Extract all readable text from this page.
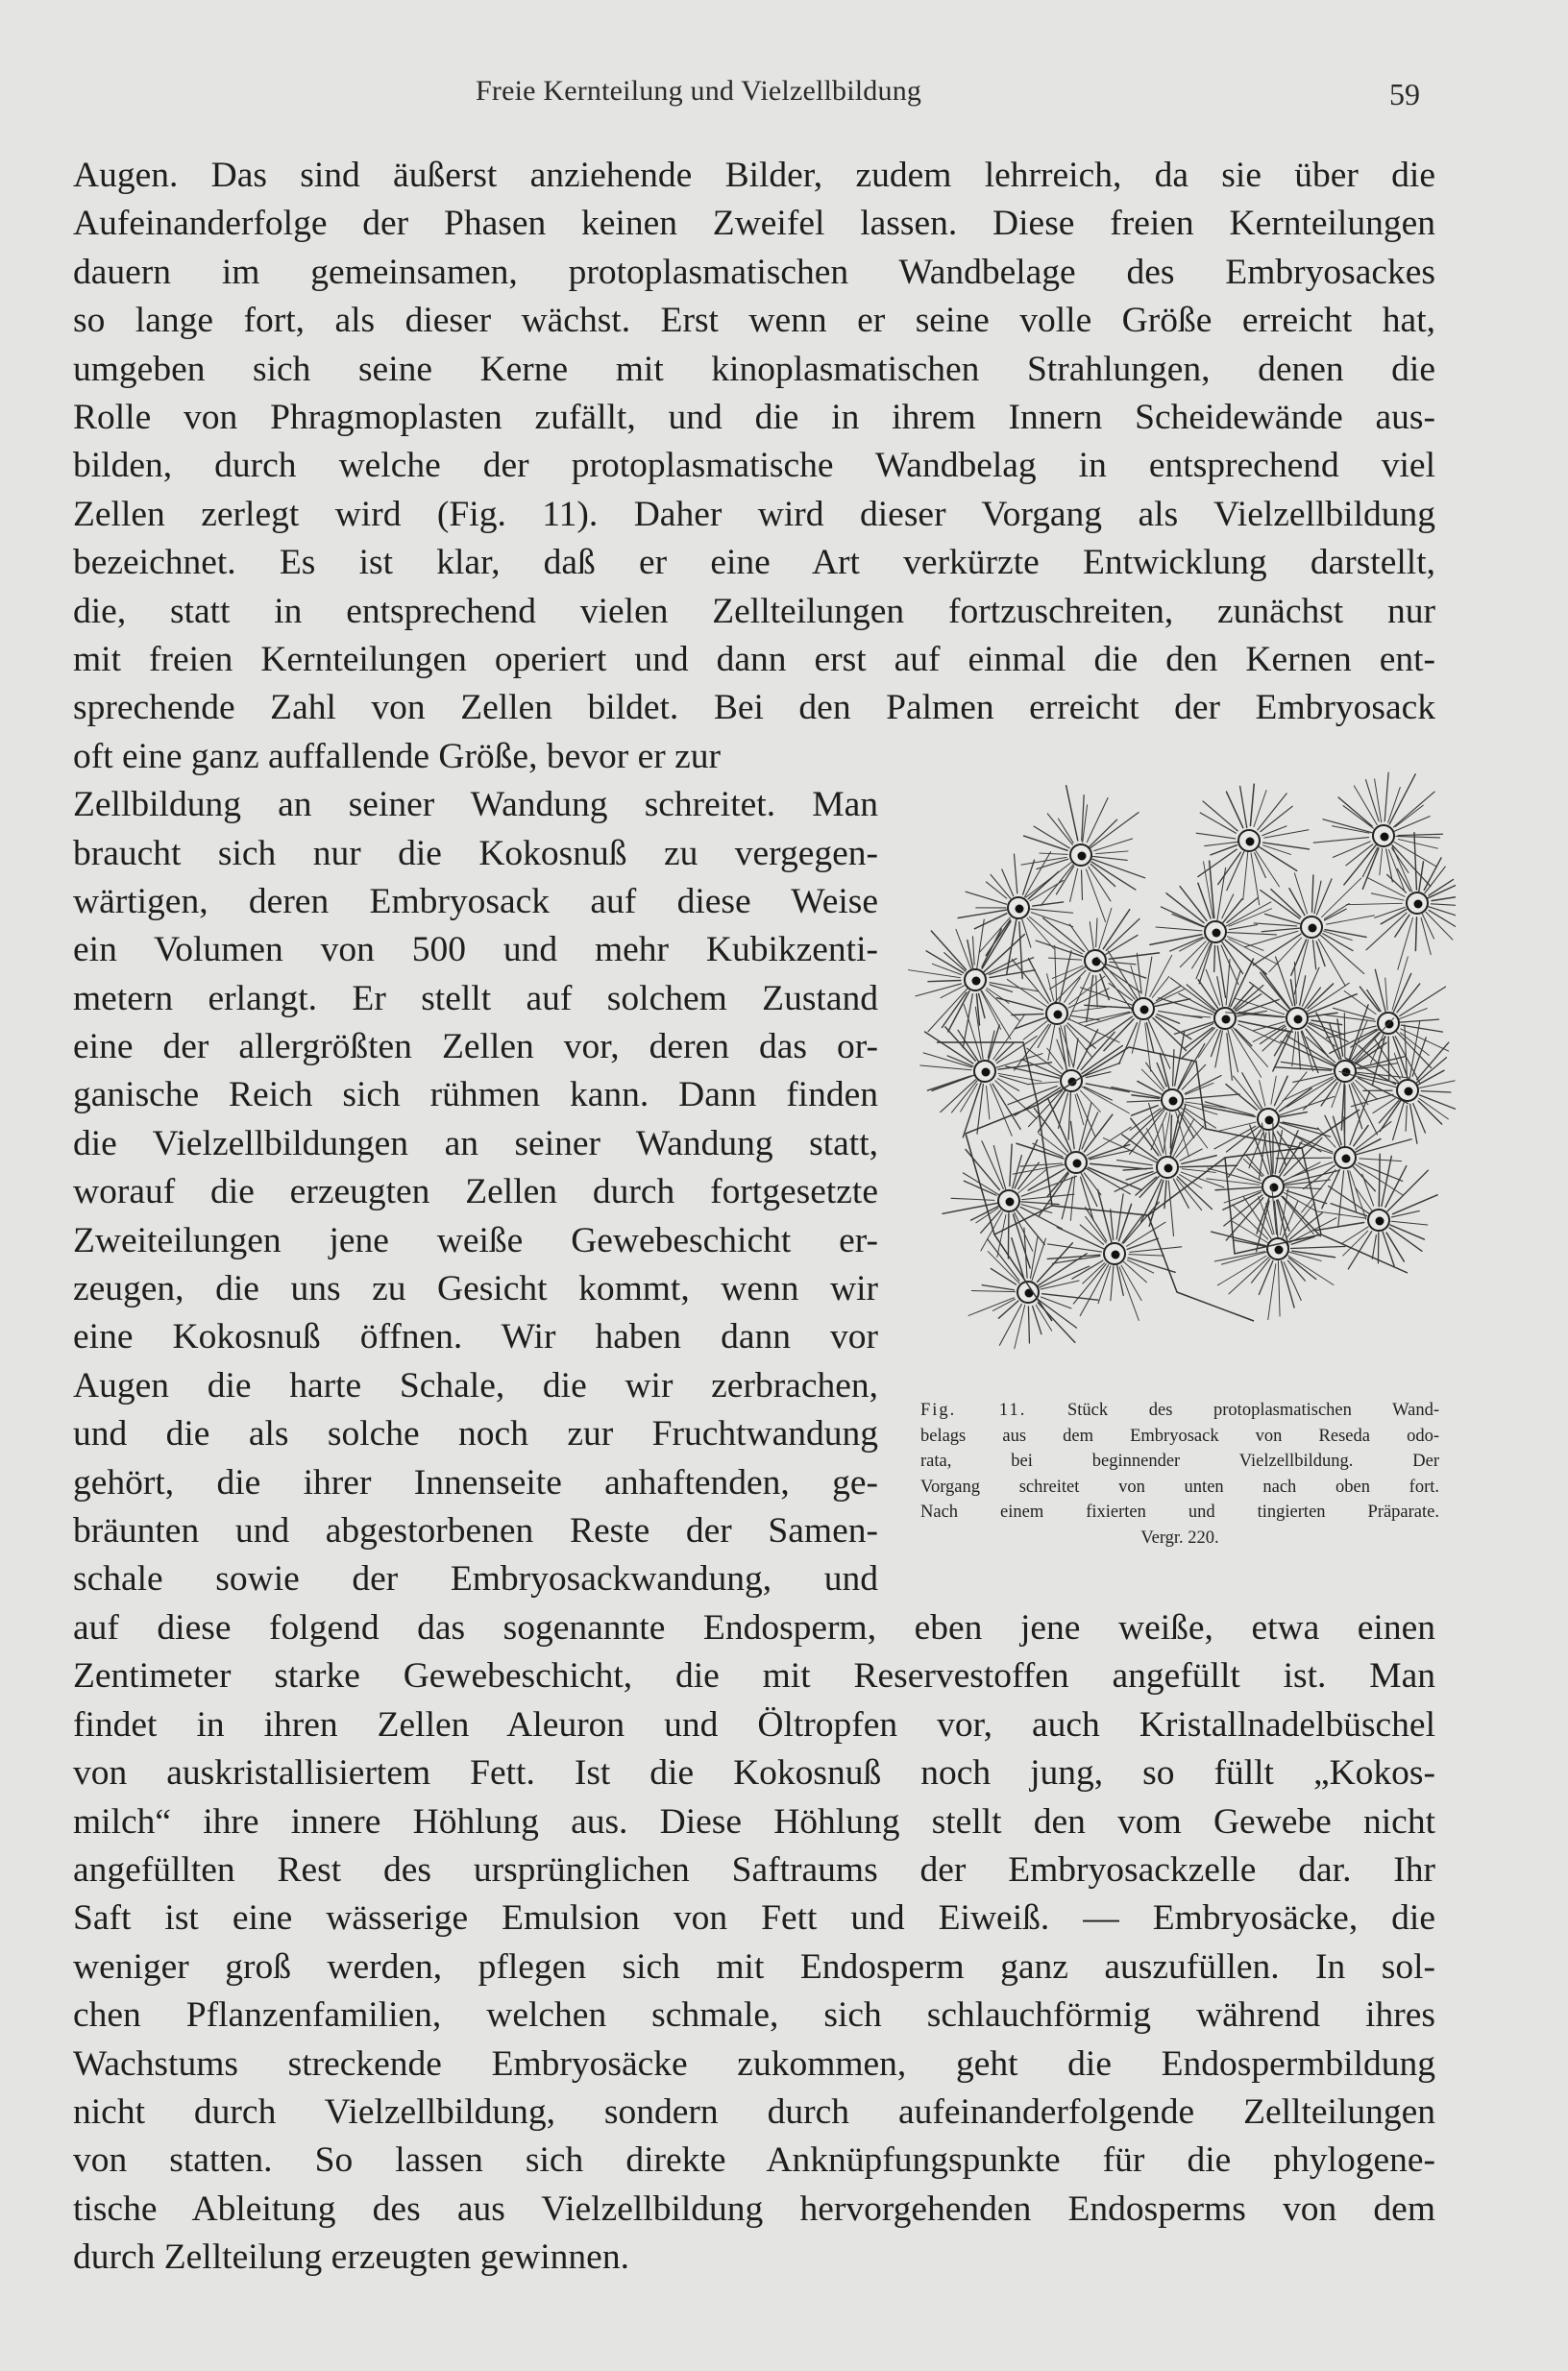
Freie Kernteilung und Vielzellbildung	59
Augen. Das sind äußerst anziehende Bilder, zudem lehrreich, da sie über die
Aufeinanderfolge der Phasen keinen Zweifel lassen. Diese freien Kernteilungen
dauern im gemeinsamen, protoplasmatischen Wandbelage des Embryosackes
so lange fort, als dieser wächst. Erst wenn er seine volle Größe erreicht hat,
umgeben sich seine Kerne mit kinoplasmatischen Strahlungen, denen die
Rolle von Phragmoplasten zufällt, und die in ihrem Innern Scheidewände aus-
bilden, durch welche der protoplasmatische Wandbelag in entsprechend viel
Zellen zerlegt wird (Fig. 11). Daher wird dieser Vorgang als Vielzellbildung
bezeichnet. Es ist klar, daß er eine Art verkürzte Entwicklung darstellt,
die, statt in entsprechend vielen Zellteilungen fortzuschreiten, zunächst nur
mit freien Kernteilungen operiert und dann erst auf einmal die den Kernen ent-
sprechende Zahl von Zellen bildet. Bei den Palmen erreicht der Embryosack
oft eine ganz auffallende Größe, bevor er zur
Zellbildung an seiner Wandung schreitet. Man
braucht sich nur die Kokosnuß zu vergegen-
wärtigen, deren Embryosack auf diese Weise
ein Volumen von 500 und mehr Kubikzenti-
metern erlangt. Er stellt auf solchem Zustand
eine der allergrößten Zellen vor, deren das or-
ganische Reich sich rühmen kann. Dann finden
die Vielzellbildungen an seiner Wandung statt,
worauf die erzeugten Zellen durch fortgesetzte
Zweiteilungen jene weiße Gewebeschicht er-
zeugen, die uns zu Gesicht kommt, wenn wir
eine Kokosnuß öffnen. Wir haben dann vor
Augen die harte Schale, die wir zerbrachen,
und die als solche noch zur Fruchtwandung
gehört, die ihrer Innenseite anhaftenden, ge-
bräunten und abgestorbenen Reste der Samen-
schale sowie der Embryosackwandung, und
Fig. 11. Stück des protoplasmatischen Wand-
belags aus dem Embryosack von Reseda odo-
rata, bei beginnender Vielzellbildung. Der
Vorgang schreitet von unten nach oben fort.
Nach einem fixierten und tingierten Präparate.
Vergr. 220.
auf diese folgend das sogenannte Endosperm, eben jene weiße, etwa einen
Zentimeter starke Gewebeschicht, die mit Reservestoffen angefüllt ist. Man
findet in ihren Zellen Aleuron und Öltropfen vor, auch Kristallnadelbüschel
von auskristallisiertem Fett. Ist die Kokosnuß noch jung, so füllt „Kokos-
milch“ ihre innere Höhlung aus. Diese Höhlung stellt den vom Gewebe nicht
angefüllten Rest des ursprünglichen Saftraums der Embryosackzelle dar. Ihr
Saft ist eine wässerige Emulsion von Fett und Eiweiß. — Embryosäcke, die
weniger groß werden, pflegen sich mit Endosperm ganz auszufüllen. In sol-
chen Pflanzenfamilien, welchen schmale, sich schlauchförmig während ihres
Wachstums streckende Embryosäcke zukommen, geht die Endospermbildung
nicht durch Vielzellbildung, sondern durch aufeinanderfolgende Zellteilungen
von statten. So lassen sich direkte Anknüpfungspunkte für die phylogene-
tische Ableitung des aus Vielzellbildung hervorgehenden Endosperms von dem
durch Zellteilung erzeugten gewinnen.
